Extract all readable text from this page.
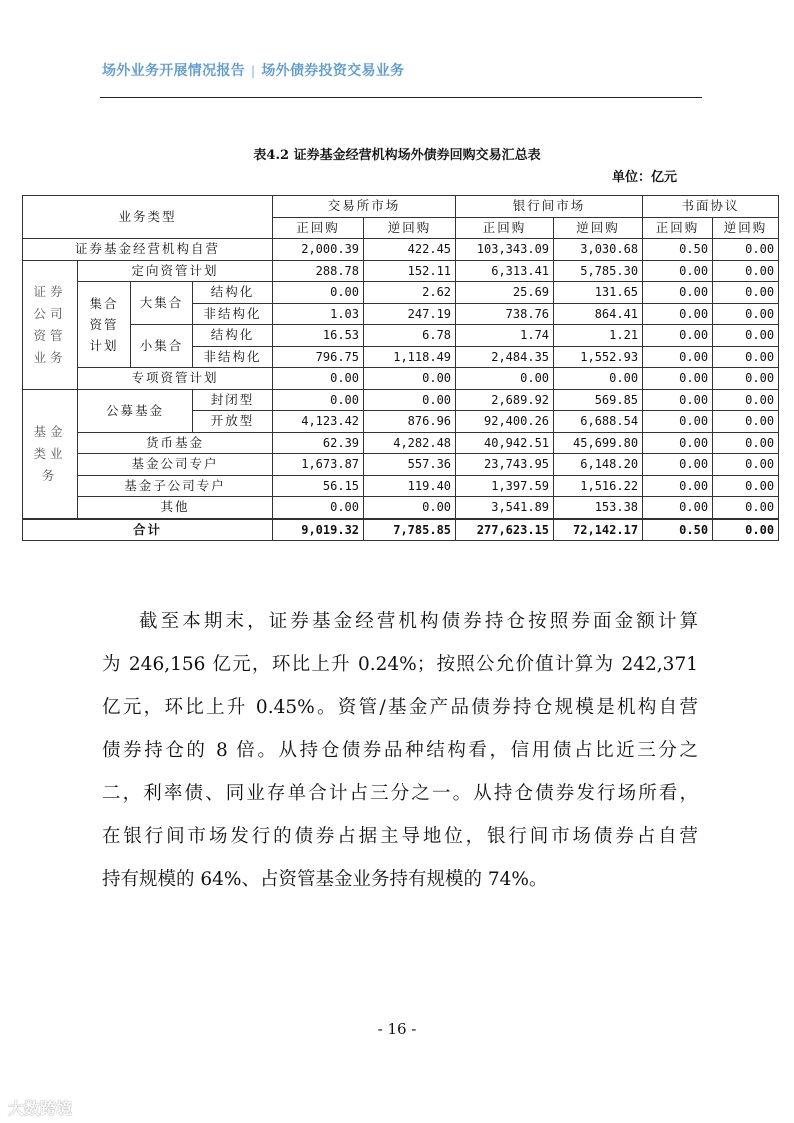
场外业务开展情况报告 | 场外债券投资交易业务
表4.2 证券基金经营机构场外债券回购交易汇总表
单位：亿元
业务类型				交易所市场		银行间市场		书面协议	
				正回购	逆回购	正回购	逆回购	正回购	逆回购
证券基金经营机构自营				2,000.39	422.45	103,343.09	3,030.68	0.50	0.00
证券公司资管业务	定向资管计划			288.78	152.11	6,313.41	5,785.30	0.00	0.00
	集合资管计划	大集合	结构化	0.00	2.62	25.69	131.65	0.00	0.00
			非结构化	1.03	247.19	738.76	864.41	0.00	0.00
		小集合	结构化	16.53	6.78	1.74	1.21	0.00	0.00
			非结构化	796.75	1,118.49	2,484.35	1,552.93	0.00	0.00
	专项资管计划			0.00	0.00	0.00	0.00	0.00	0.00
基金类业务	公募基金		封闭型	0.00	0.00	2,689.92	569.85	0.00	0.00
			开放型	4,123.42	876.96	92,400.26	6,688.54	0.00	0.00
	货币基金			62.39	4,282.48	40,942.51	45,699.80	0.00	0.00
	基金公司专户			1,673.87	557.36	23,743.95	6,148.20	0.00	0.00
	基金子公司专户			56.15	119.40	1,397.59	1,516.22	0.00	0.00
	其他			0.00	0.00	3,541.89	153.38	0.00	0.00
合计				9,019.32	7,785.85	277,623.15	72,142.17	0.50	0.00
截至本期末，证券基金经营机构债券持仓按照券面金额计算
为 246,156 亿元，环比上升 0.24%；按照公允价值计算为 242,371
亿元，环比上升 0.45%。资管/基金产品债券持仓规模是机构自营
债券持仓的 8 倍。从持仓债券品种结构看，信用债占比近三分之
二，利率债、同业存单合计占三分之一。从持仓债券发行场所看，
在银行间市场发行的债券占据主导地位，银行间市场债券占自营
持有规模的 64%、占资管基金业务持有规模的 74%。
- 16 -
大数跨境
